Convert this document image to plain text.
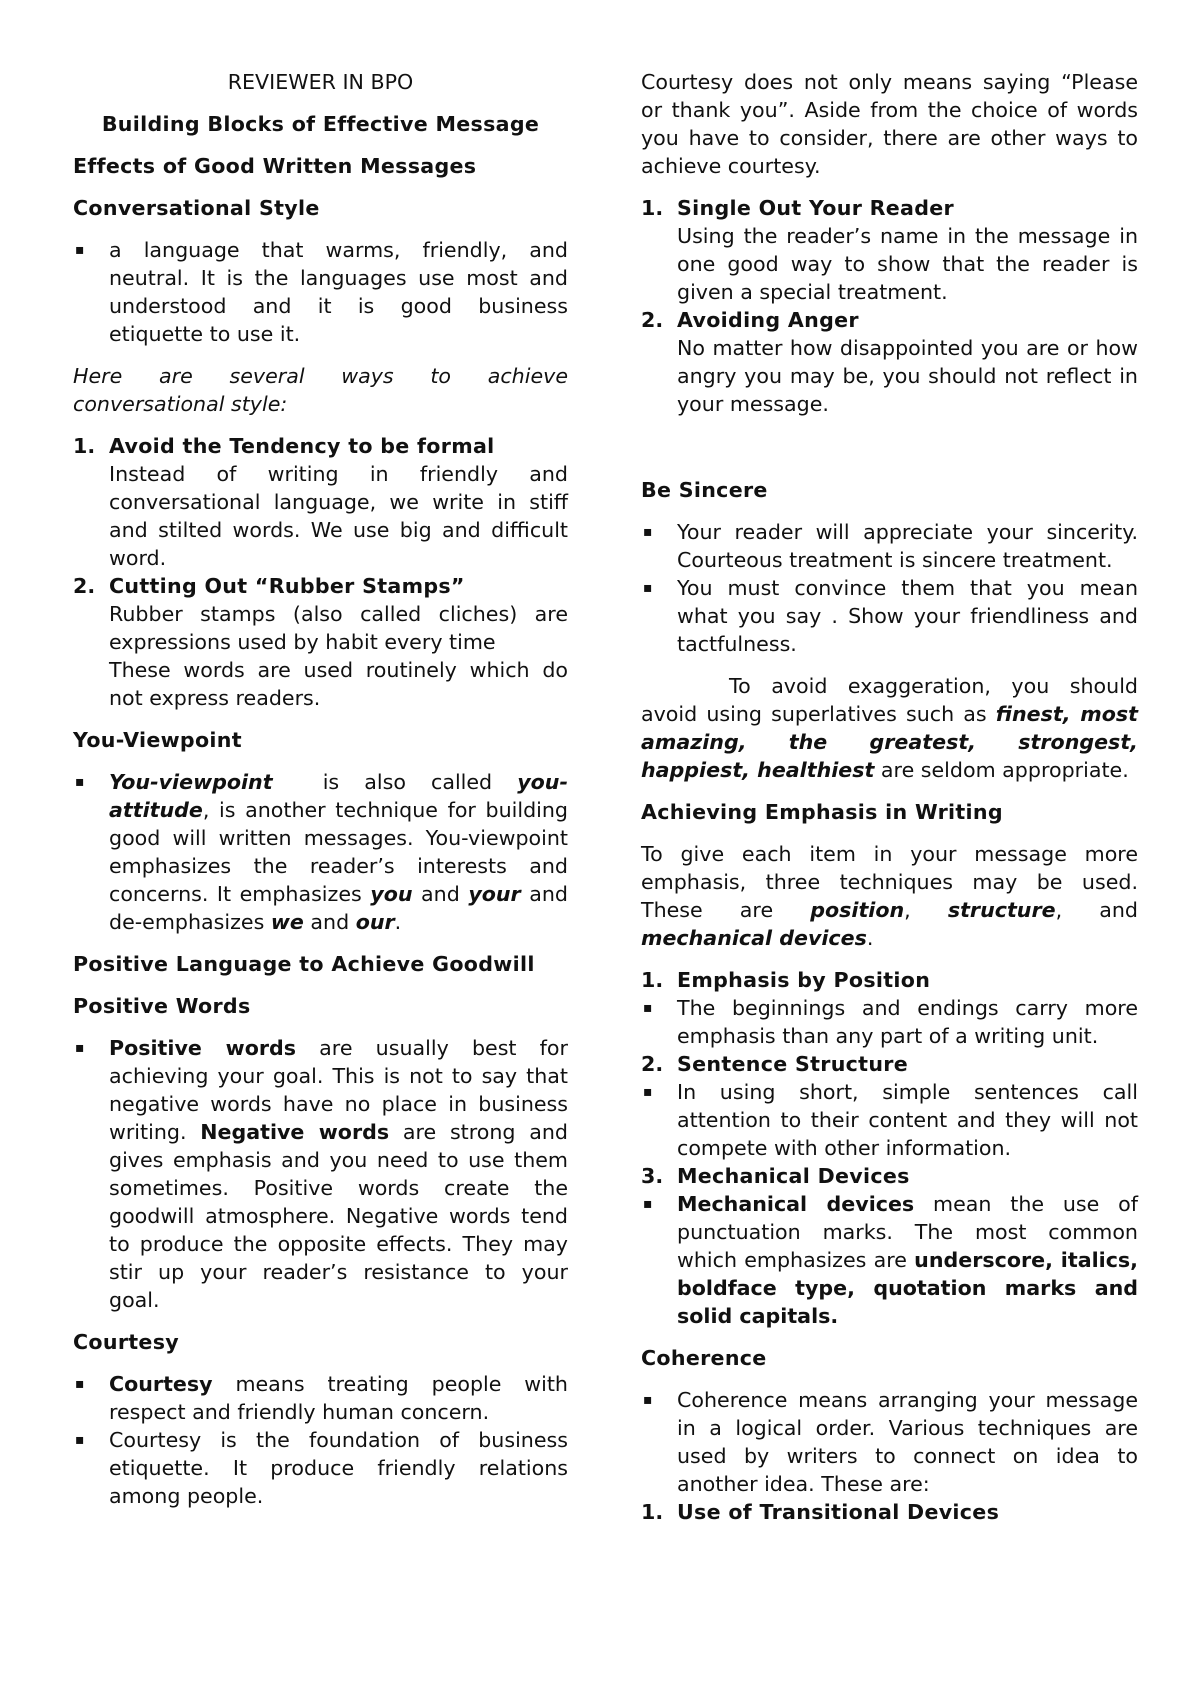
REVIEWER IN BPO

Building Blocks of Effective Message

Effects of Good Written Messages

Conversational Style

▪ a language that warms, friendly, and neutral. It is the languages use most and understood and it is good business etiquette to use it.

Here are several ways to achieve conversational style:

1. Avoid the Tendency to be formal
Instead of writing in friendly and conversational language, we write in stiff and stilted words. We use big and difficult word.
2. Cutting Out “Rubber Stamps”
Rubber stamps (also called cliches) are expressions used by habit every time
These words are used routinely which do not express readers.

You-Viewpoint

▪ You-viewpoint  is also called you-attitude, is another technique for building good will written messages. You-viewpoint emphasizes the reader’s interests and concerns. It emphasizes you and your and de-emphasizes we and our.

Positive Language to Achieve Goodwill

Positive Words

▪ Positive words are usually best for achieving your goal. This is not to say that negative words have no place in business writing. Negative words are strong and gives emphasis and you need to use them sometimes. Positive words create the goodwill atmosphere. Negative words tend to produce the opposite effects. They may stir up your reader’s resistance to your goal.

Courtesy

▪ Courtesy means treating people with respect and friendly human concern.
▪ Courtesy is the foundation of business etiquette. It produce friendly relations among people.

Courtesy does not only means saying “Please or thank you”. Aside from the choice of words you have to consider, there are other ways to achieve courtesy.

1. Single Out Your Reader
Using the reader’s name in the message in one good way to show that the reader is given a special treatment.
2. Avoiding Anger
No matter how disappointed you are or how angry you may be, you should not reflect in your message.

Be Sincere

▪ Your reader will appreciate your sincerity. Courteous treatment is sincere treatment.
▪ You must convince them that you mean what you say . Show your friendliness and tactfulness.

To avoid exaggeration, you should avoid using superlatives such as finest, most amazing, the greatest, strongest, happiest, healthiest are seldom appropriate.

Achieving Emphasis in Writing

To give each item in your message more emphasis, three techniques may be used. These are position, structure, and mechanical devices.

1. Emphasis by Position
▪ The beginnings and endings carry more emphasis than any part of a writing unit.
2. Sentence Structure
▪ In using short, simple sentences call attention to their content and they will not compete with other information.
3. Mechanical Devices
▪ Mechanical devices mean the use of punctuation marks. The most common which emphasizes are underscore, italics, boldface type, quotation marks and solid capitals.

Coherence

▪ Coherence means arranging your message in a logical order. Various techniques are used by writers to connect on idea to another idea. These are:
1. Use of Transitional Devices
